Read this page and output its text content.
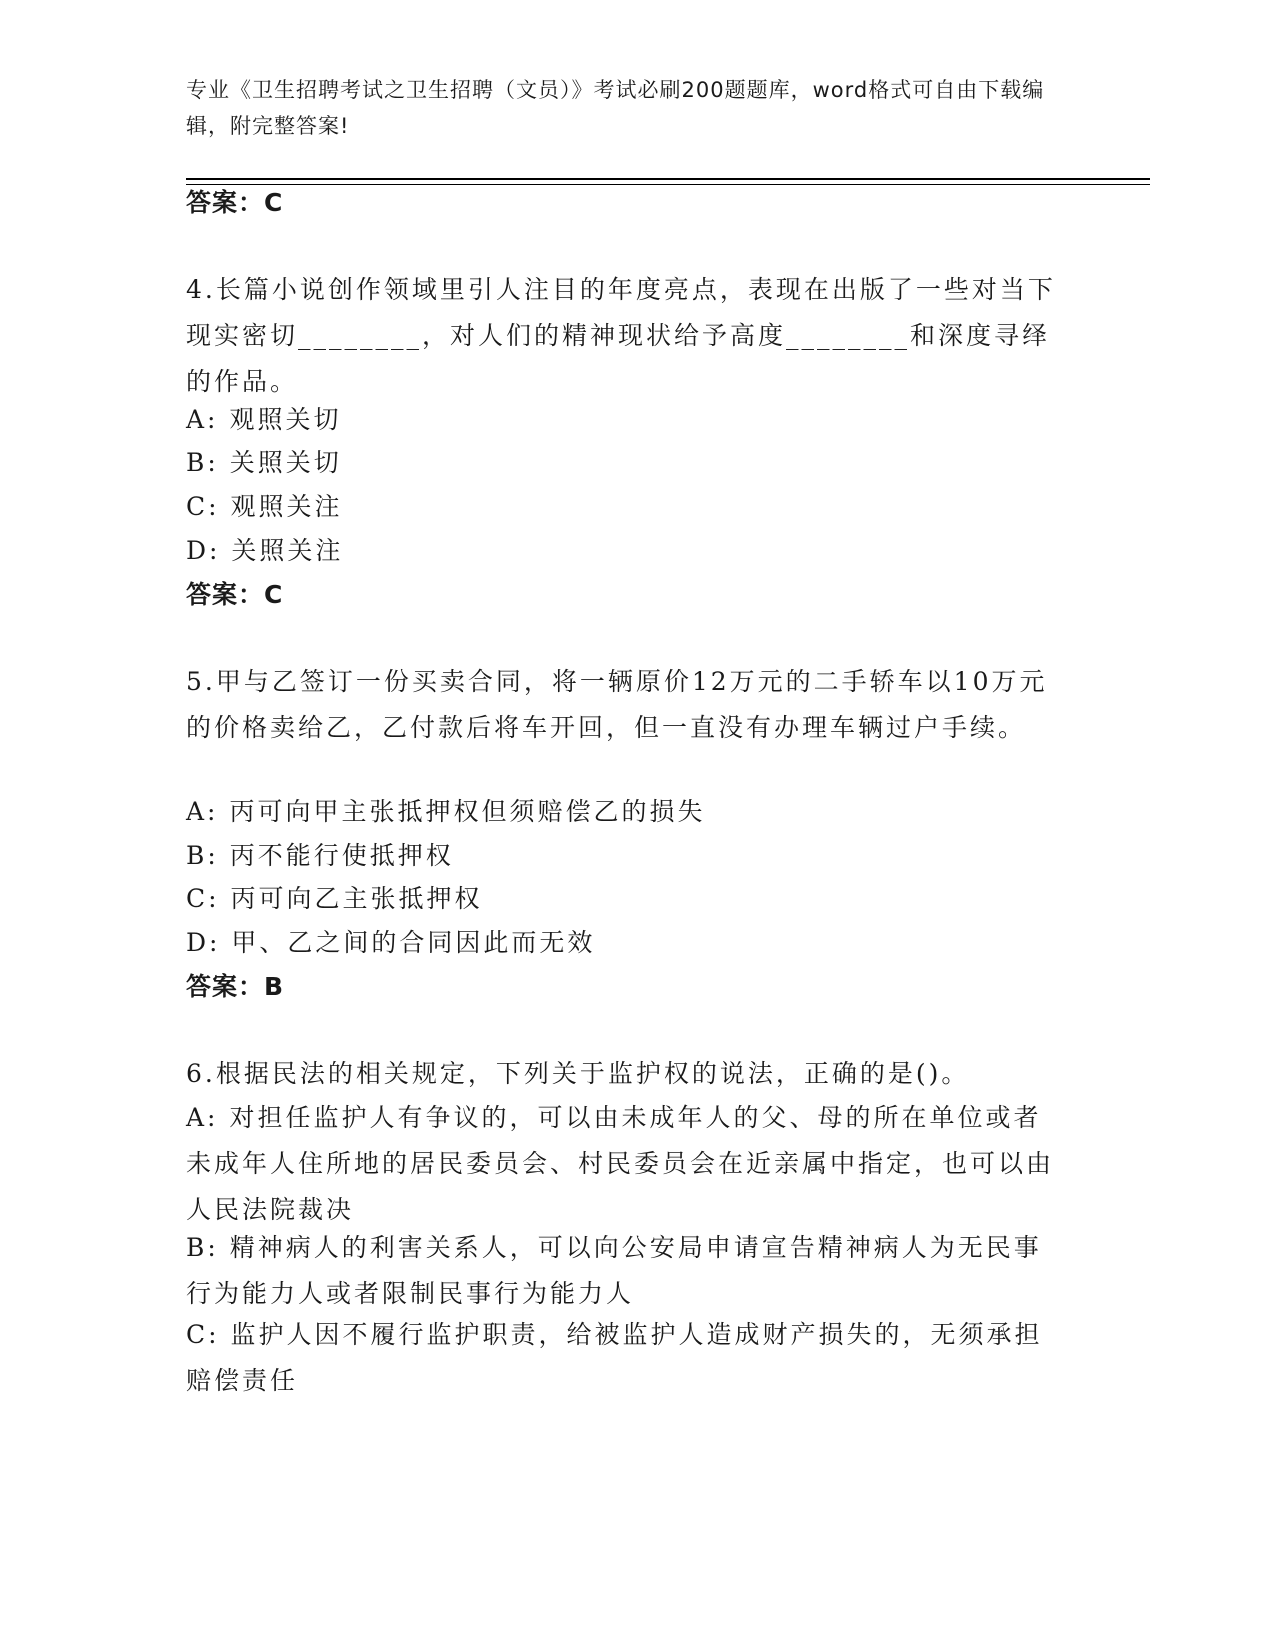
专业《卫生招聘考试之卫生招聘（文员）》考试必刷200题题库，word格式可自由下载编辑，附完整答案!
答案：C
4.长篇小说创作领域里引人注目的年度亮点，表现在出版了一些对当下现实密切________，对人们的精神现状给予高度________和深度寻绎的作品。
A: 观照关切
B: 关照关切
C: 观照关注
D: 关照关注
答案：C
5.甲与乙签订一份买卖合同，将一辆原价12万元的二手轿车以10万元的价格卖给乙，乙付款后将车开回，但一直没有办理车辆过户手续。
A: 丙可向甲主张抵押权但须赔偿乙的损失
B: 丙不能行使抵押权
C: 丙可向乙主张抵押权
D: 甲、乙之间的合同因此而无效
答案：B
6.根据民法的相关规定，下列关于监护权的说法，正确的是()。
A: 对担任监护人有争议的，可以由未成年人的父、母的所在单位或者未成年人住所地的居民委员会、村民委员会在近亲属中指定，也可以由人民法院裁决
B: 精神病人的利害关系人，可以向公安局申请宣告精神病人为无民事行为能力人或者限制民事行为能力人
C: 监护人因不履行监护职责，给被监护人造成财产损失的，无须承担赔偿责任
